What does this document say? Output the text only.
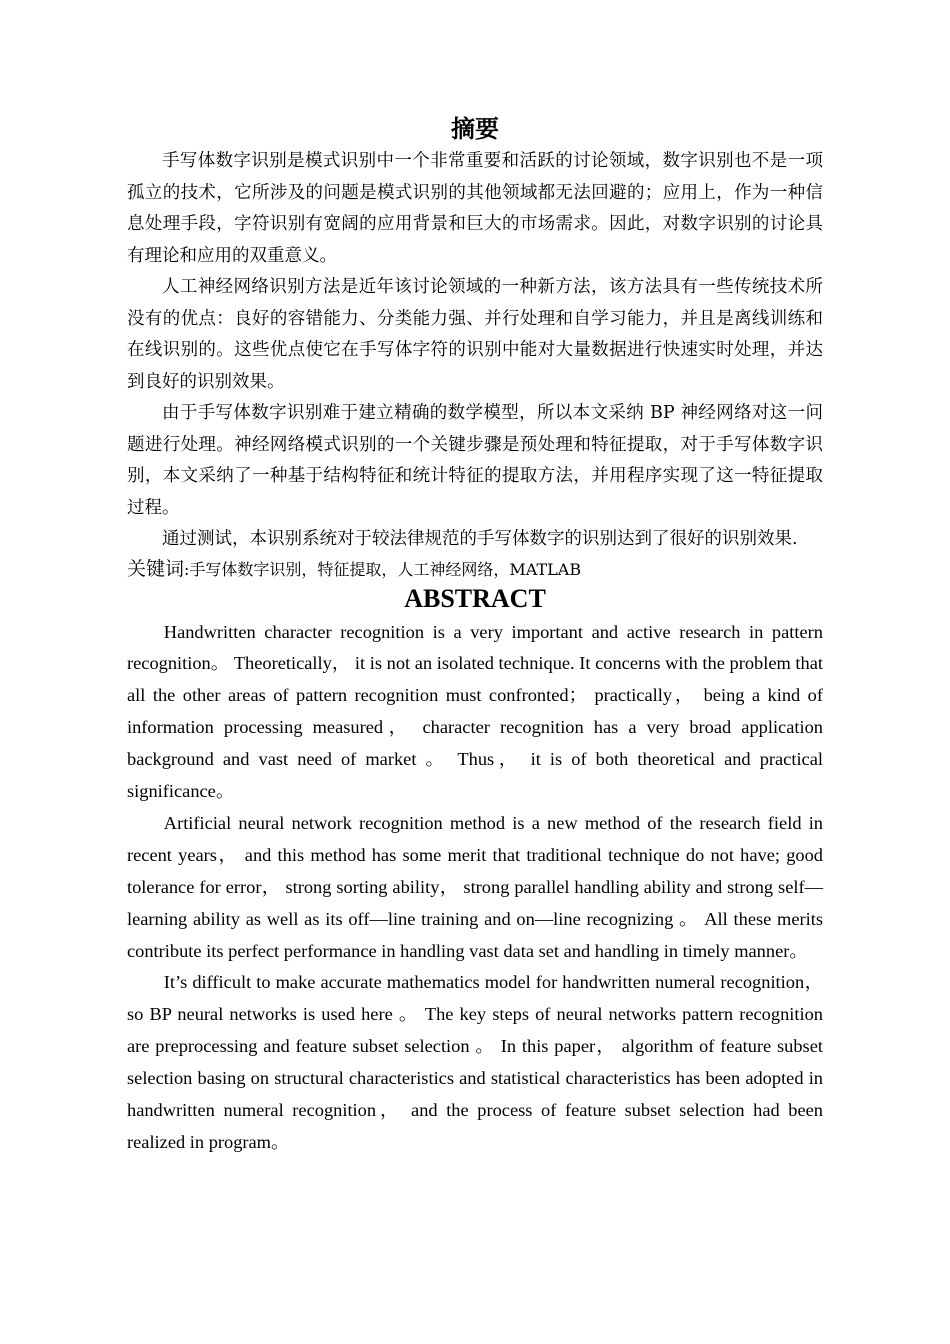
摘要

手写体数字识别是模式识别中一个非常重要和活跃的讨论领域，数字识别也不是一项孤立的技术，它所涉及的问题是模式识别的其他领域都无法回避的；应用上，作为一种信息处理手段，字符识别有宽阔的应用背景和巨大的市场需求。因此，对数字识别的讨论具有理论和应用的双重意义。

人工神经网络识别方法是近年该讨论领域的一种新方法，该方法具有一些传统技术所没有的优点：良好的容错能力、分类能力强、并行处理和自学习能力，并且是离线训练和在线识别的。这些优点使它在手写体字符的识别中能对大量数据进行快速实时处理，并达到良好的识别效果。

由于手写体数字识别难于建立精确的数学模型，所以本文采纳 BP 神经网络对这一问题进行处理。神经网络模式识别的一个关键步骤是预处理和特征提取，对于手写体数字识别，本文采纳了一种基于结构特征和统计特征的提取方法，并用程序实现了这一特征提取过程。

通过测试，本识别系统对于较法律规范的手写体数字的识别达到了很好的识别效果.

关键词:手写体数字识别，特征提取，人工神经网络，MATLAB

ABSTRACT

Handwritten character recognition is a very important and active research in pattern recognition。 Theoretically， it is not an isolated technique. It concerns with the problem that all the other areas of pattern recognition must confronted； practically， being a kind of information processing measured， character recognition has a very broad application background and vast need of market 。 Thus， it is of both theoretical and practical significance。

Artificial neural network recognition method is a new method of the research field in recent years， and this method has some merit that traditional technique do not have; good tolerance for error， strong sorting ability， strong parallel handling ability and strong self—learning ability as well as its off—line training and on—line recognizing 。 All these merits contribute its perfect performance in handling vast data set and handling in timely manner。

It’s difficult to make accurate mathematics model for handwritten numeral recognition， so BP neural networks is used here 。 The key steps of neural networks pattern recognition are preprocessing and feature subset selection 。 In this paper， algorithm of feature subset selection basing on structural characteristics and statistical characteristics has been adopted in handwritten numeral recognition， and the process of feature subset selection had been realized in program。
